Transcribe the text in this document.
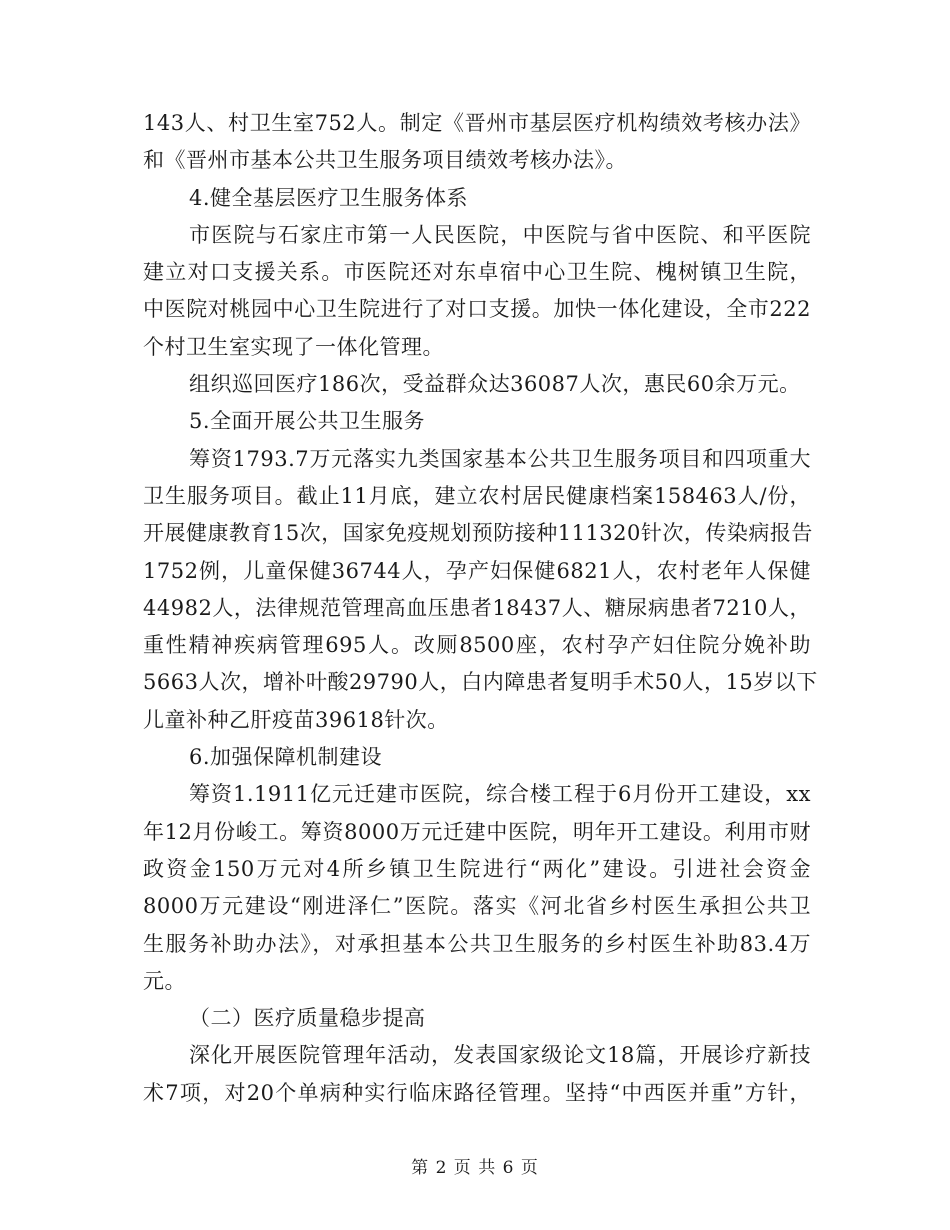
143人、村卫生室752人。制定《晋州市基层医疗机构绩效考核办法》
和《晋州市基本公共卫生服务项目绩效考核办法》。
4.健全基层医疗卫生服务体系
市医院与石家庄市第一人民医院，中医院与省中医院、和平医院
建立对口支援关系。市医院还对东卓宿中心卫生院、槐树镇卫生院，
中医院对桃园中心卫生院进行了对口支援。加快一体化建设，全市222
个村卫生室实现了一体化管理。
组织巡回医疗186次，受益群众达36087人次，惠民60余万元。
5.全面开展公共卫生服务
筹资1793.7万元落实九类国家基本公共卫生服务项目和四项重大
卫生服务项目。截止11月底，建立农村居民健康档案158463人/份，
开展健康教育15次，国家免疫规划预防接种111320针次，传染病报告
1752例，儿童保健36744人，孕产妇保健6821人，农村老年人保健
44982人，法律规范管理高血压患者18437人、糖尿病患者7210人，
重性精神疾病管理695人。改厕8500座，农村孕产妇住院分娩补助
5663人次，增补叶酸29790人，白内障患者复明手术50人，15岁以下
儿童补种乙肝疫苗39618针次。
6.加强保障机制建设
筹资1.1911亿元迁建市医院，综合楼工程于6月份开工建设，xx
年12月份峻工。筹资8000万元迁建中医院，明年开工建设。利用市财
政资金150万元对4所乡镇卫生院进行“两化”建设。引进社会资金
8000万元建设“刚进泽仁”医院。落实《河北省乡村医生承担公共卫
生服务补助办法》，对承担基本公共卫生服务的乡村医生补助83.4万
元。
（二）医疗质量稳步提高
深化开展医院管理年活动，发表国家级论文18篇，开展诊疗新技
术7项，对20个单病种实行临床路径管理。坚持“中西医并重”方针，
第 2 页 共 6 页
